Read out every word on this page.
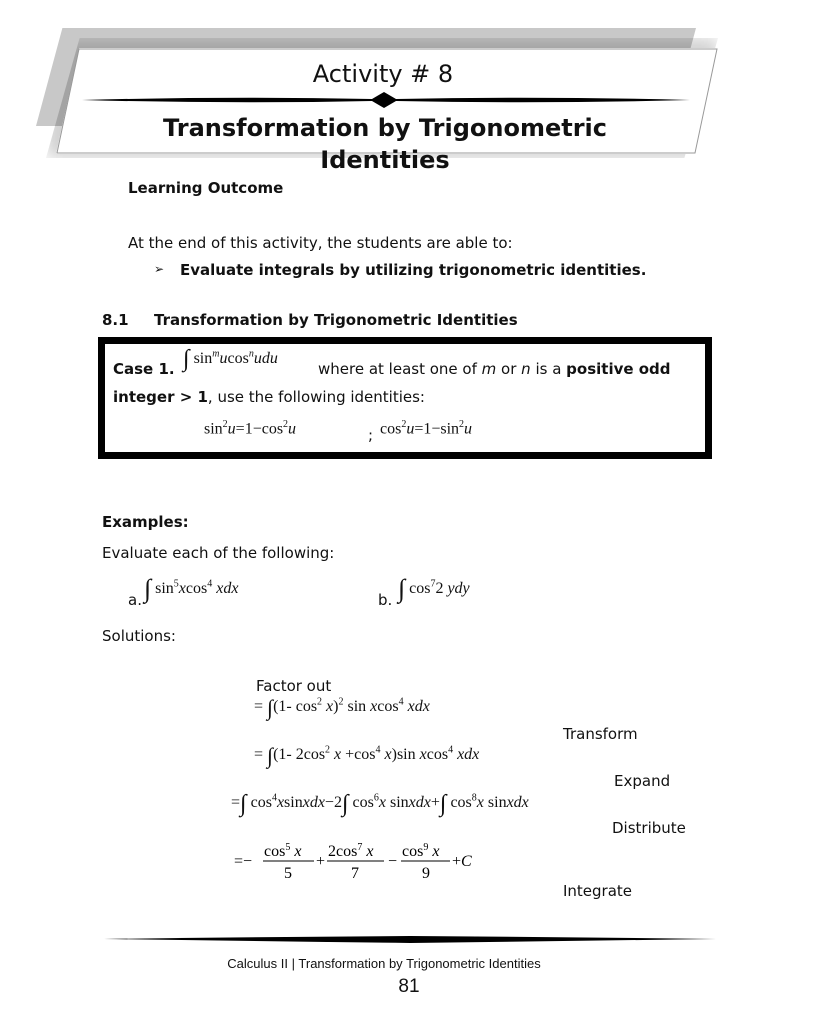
Activity # 8
Transformation by Trigonometric Identities
Learning Outcome
At the end of this activity, the students are able to:
➢ Evaluate integrals by utilizing trigonometric identities.
8.1 Transformation by Trigonometric Identities
Case 1. ∫ $\sin^mucos^nudu$
where at least one of m or n is a positive odd
integer > 1, use the following identities:
$\sin^2u=1-\cos^2u$	; $\cos^2u=1-\sin^2u$
Examples:
Evaluate each of the following:
a. ∫ $\sin^5xcos^4$ xdx
b. ∫ $\cos^72$ ydy
Solutions:
Factor out
= ∫(1- $\cos^2 x)^2$ sin xcos$^4$ xdx
Transform
= ∫(1- $2\cos^2$ $x +\cos^4$ x)sin xcos$^4$ xdx
Expand
=∫ $\cos^4xsinxdx-2\int$ $\cos^6x$ sinxdx+∫ $\cos^8x$ sinxdx
Distribute
=−
$\cos^5 x$
5
+
$2\cos^7$ x
7
−
$\cos^9 x$
9
+C
Integrate
Calculus II | Transformation by Trigonometric Identities
81
